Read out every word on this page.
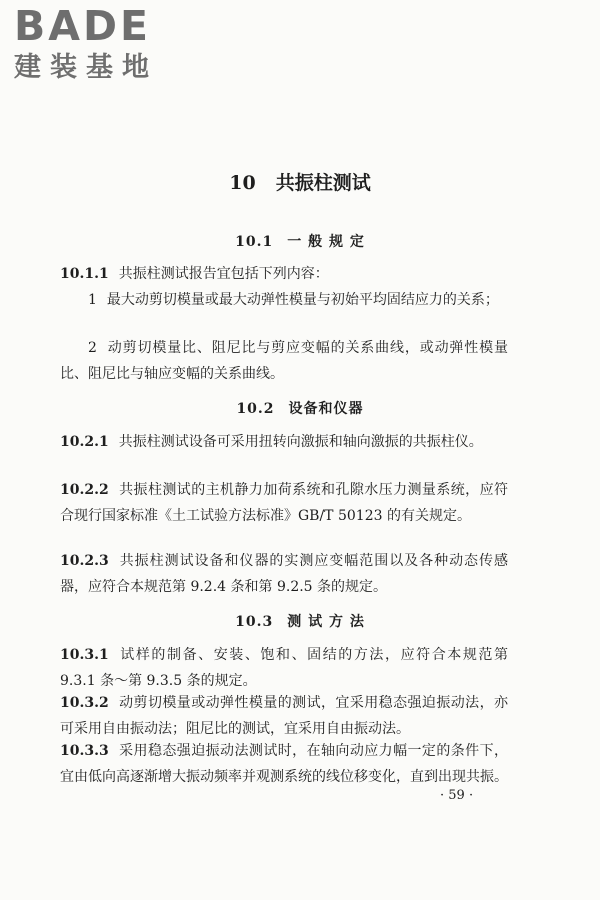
BADE
建装基地
10 共振柱测试
10.1 一 般 规 定
10.1.1 共振柱测试报告宜包括下列内容：
1 最大动剪切模量或最大动弹性模量与初始平均固结应力的关系；
2 动剪切模量比、阻尼比与剪应变幅的关系曲线，或动弹性模量比、阻尼比与轴应变幅的关系曲线。
10.2 设备和仪器
10.2.1 共振柱测试设备可采用扭转向激振和轴向激振的共振柱仪。
10.2.2 共振柱测试的主机静力加荷系统和孔隙水压力测量系统，应符合现行国家标准《土工试验方法标准》GB/T 50123 的有关规定。
10.2.3 共振柱测试设备和仪器的实测应变幅范围以及各种动态传感器，应符合本规范第 9.2.4 条和第 9.2.5 条的规定。
10.3 测 试 方 法
10.3.1 试样的制备、安装、饱和、固结的方法，应符合本规范第 9.3.1 条～第 9.3.5 条的规定。
10.3.2 动剪切模量或动弹性模量的测试，宜采用稳态强迫振动法，亦可采用自由振动法；阻尼比的测试，宜采用自由振动法。
10.3.3 采用稳态强迫振动法测试时，在轴向动应力幅一定的条件下，宜由低向高逐渐增大振动频率并观测系统的线位移变化，直到出现共振。
· 59 ·
